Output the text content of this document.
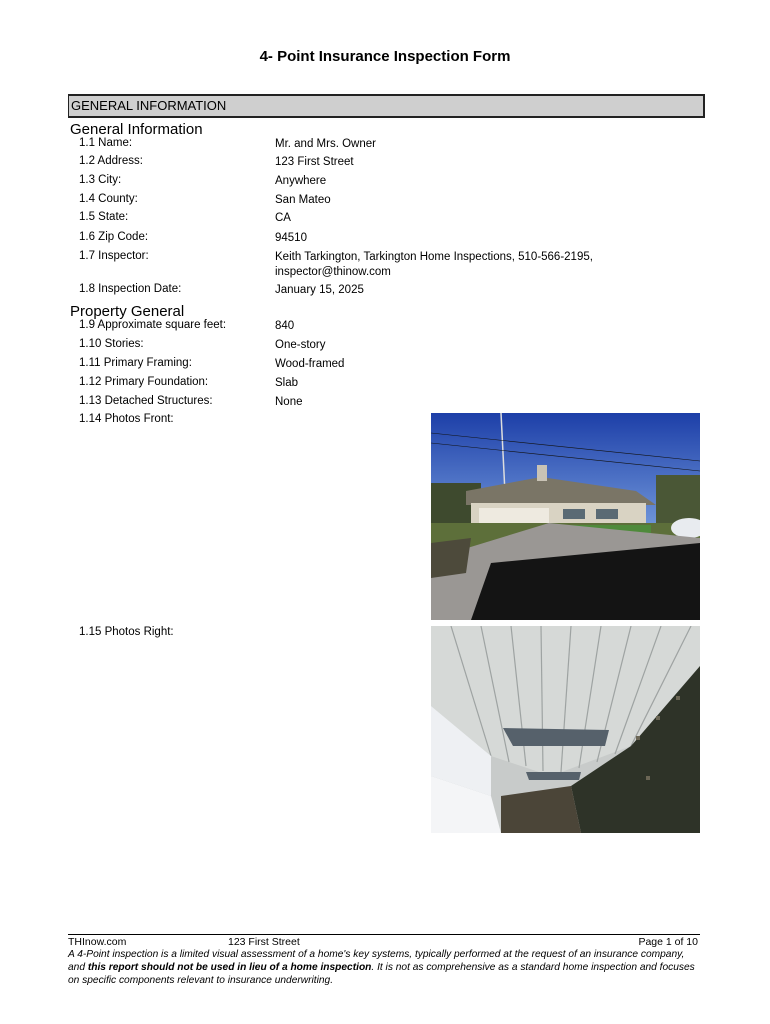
4- Point Insurance Inspection Form
GENERAL INFORMATION
General Information
1.1 Name:	Mr. and Mrs. Owner
1.2 Address:	123 First Street
1.3 City:	Anywhere
1.4 County:	San Mateo
1.5 State:	CA
1.6 Zip Code:	94510
1.7 Inspector:	Keith Tarkington, Tarkington Home Inspections, 510-566-2195,
inspector@thinow.com
1.8 Inspection Date:	January 15, 2025
Property General
1.9 Approximate square feet:	840
1.10 Stories:	One-story
1.11 Primary Framing:	Wood-framed
1.12 Primary Foundation:	Slab
1.13 Detached Structures:	None
1.14 Photos Front:
1.15 Photos Right:
THInow.com	123 First Street	Page 1 of 10
A 4-Point inspection is a limited visual assessment of a home's key systems, typically performed at the request of an insurance company, and this report should not be used in lieu of a home inspection. It is not as comprehensive as a standard home inspection and focuses on specific components relevant to insurance underwriting.
